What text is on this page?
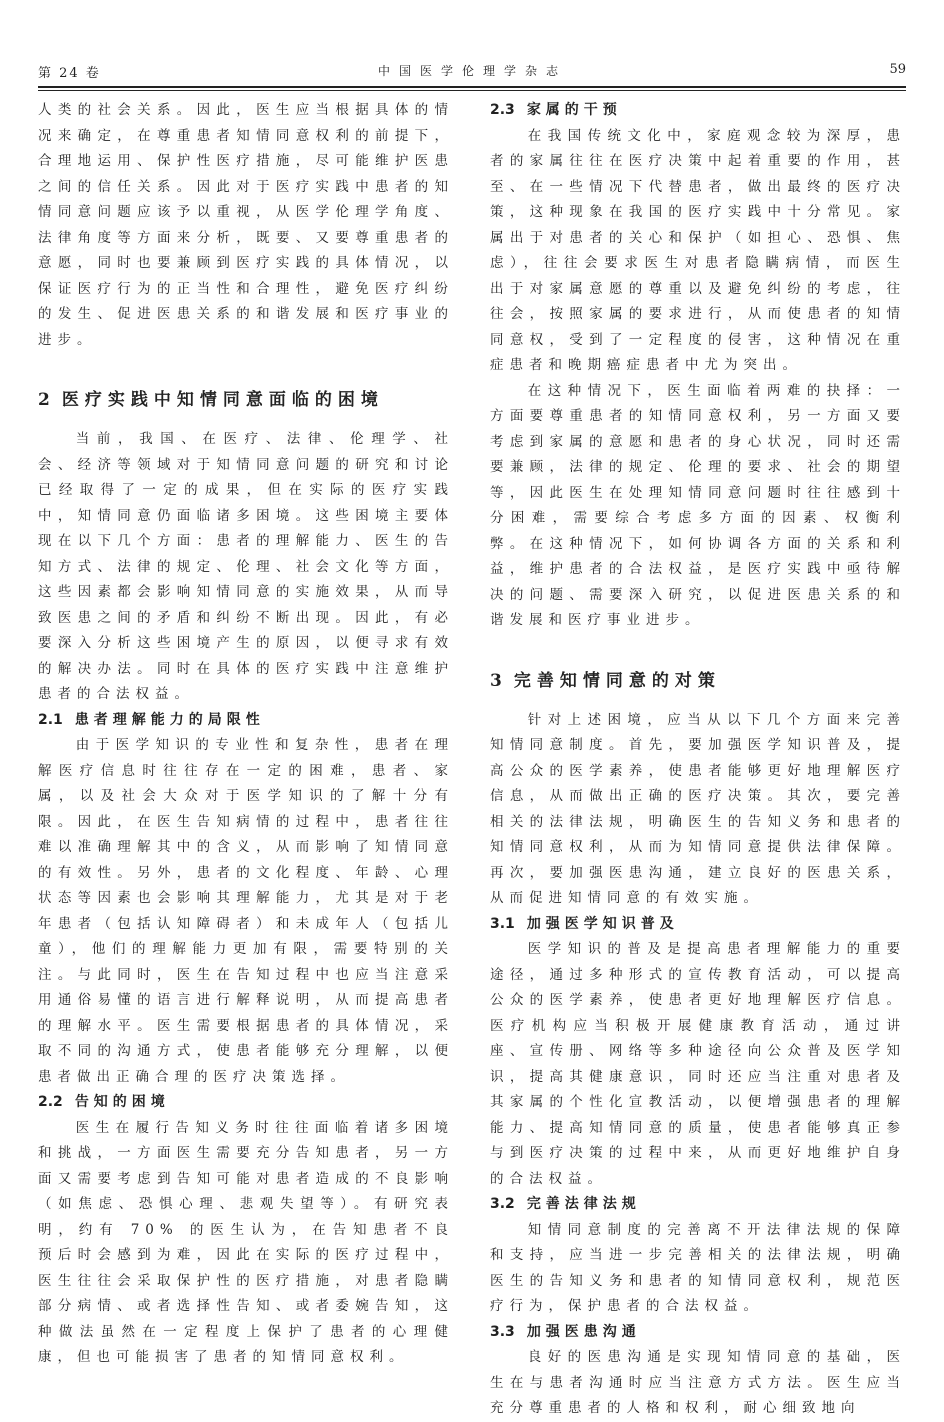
第 24 卷	中国医学伦理学杂志	59

人类的社会关系。因此，医生应当根据具体的情况来确定，在尊重患者知情同意权利的前提下，合理地运用、保护性医疗措施，尽可能维护医患之间的信任关系。因此对于医疗实践中患者的知情同意问题应该予以重视，从医学伦理学角度、法律角度等方面来分析，既要、又要尊重患者的意愿，同时也要兼顾到医疗实践的具体情况，以保证医疗行为的正当性和合理性，避免医疗纠纷的发生、促进医患关系的和谐发展和医疗事业的进步。

2 医疗实践中知情同意面临的困境

当前，我国、在医疗、法律、伦理学、社会、经济等领域对于知情同意问题的研究和讨论已经取得了一定的成果，但在实际的医疗实践中，知情同意仍面临诸多困境。这些困境主要体现在以下几个方面：患者的理解能力、医生的告知方式、法律的规定、伦理、社会文化等方面，这些因素都会影响知情同意的实施效果，从而导致医患之间的矛盾和纠纷不断出现。因此，有必要深入分析这些困境产生的原因，以便寻求有效的解决办法。同时在具体的医疗实践中注意维护患者的合法权益。

2.1 患者理解能力的局限性

由于医学知识的专业性和复杂性，患者在理解医疗信息时往往存在一定的困难，患者、家属，以及社会大众对于医学知识的了解十分有限。因此，在医生告知病情的过程中，患者往往难以准确理解其中的含义，从而影响了知情同意的有效性。另外，患者的文化程度、年龄、心理状态等因素也会影响其理解能力，尤其是对于老年患者（包括认知障碍者）和未成年人（包括儿童），他们的理解能力更加有限，需要特别的关注。与此同时，医生在告知过程中也应当注意采用通俗易懂的语言进行解释说明，从而提高患者的理解水平。医生需要根据患者的具体情况，采取不同的沟通方式，使患者能够充分理解，以便患者做出正确合理的医疗决策选择。

2.2 告知的困境

医生在履行告知义务时往往面临着诸多困境和挑战，一方面医生需要充分告知患者，另一方面又需要考虑到告知可能对患者造成的不良影响（如焦虑、恐惧心理、悲观失望等）。有研究表明，约有 70% 的医生认为，在告知患者不良预后时会感到为难，因此在实际的医疗过程中，医生往往会采取保护性的医疗措施，对患者隐瞒部分病情、或者选择性告知、或者委婉告知，这种做法虽然在一定程度上保护了患者的心理健康，但也可能损害了患者的知情同意权利。

2.3 家属的干预

在我国传统文化中，家庭观念较为深厚，患者的家属往往在医疗决策中起着重要的作用，甚至、在一些情况下代替患者，做出最终的医疗决策，这种现象在我国的医疗实践中十分常见。家属出于对患者的关心和保护（如担心、恐惧、焦虑），往往会要求医生对患者隐瞒病情，而医生出于对家属意愿的尊重以及避免纠纷的考虑，往往会，按照家属的要求进行，从而使患者的知情同意权，受到了一定程度的侵害，这种情况在重症患者和晚期癌症患者中尤为突出。

在这种情况下，医生面临着两难的抉择：一方面要尊重患者的知情同意权利，另一方面又要考虑到家属的意愿和患者的身心状况，同时还需要兼顾，法律的规定、伦理的要求、社会的期望等，因此医生在处理知情同意问题时往往感到十分困难，需要综合考虑多方面的因素、权衡利弊。在这种情况下，如何协调各方面的关系和利益，维护患者的合法权益，是医疗实践中亟待解决的问题、需要深入研究，以促进医患关系的和谐发展和医疗事业进步。

3 完善知情同意的对策

针对上述困境，应当从以下几个方面来完善知情同意制度。首先，要加强医学知识普及，提高公众的医学素养，使患者能够更好地理解医疗信息，从而做出正确的医疗决策。其次，要完善相关的法律法规，明确医生的告知义务和患者的知情同意权利，从而为知情同意提供法律保障。再次，要加强医患沟通，建立良好的医患关系，从而促进知情同意的有效实施。

3.1 加强医学知识普及

医学知识的普及是提高患者理解能力的重要途径，通过多种形式的宣传教育活动，可以提高公众的医学素养，使患者更好地理解医疗信息。医疗机构应当积极开展健康教育活动，通过讲座、宣传册、网络等多种途径向公众普及医学知识，提高其健康意识，同时还应当注重对患者及其家属的个性化宣教活动，以便增强患者的理解能力、提高知情同意的质量，使患者能够真正参与到医疗决策的过程中来，从而更好地维护自身的合法权益。

3.2 完善法律法规

知情同意制度的完善离不开法律法规的保障和支持，应当进一步完善相关的法律法规，明确医生的告知义务和患者的知情同意权利，规范医疗行为，保护患者的合法权益。

3.3 加强医患沟通

良好的医患沟通是实现知情同意的基础，医生在与患者沟通时应当注意方式方法。医生应当充分尊重患者的人格和权利，耐心细致地向
